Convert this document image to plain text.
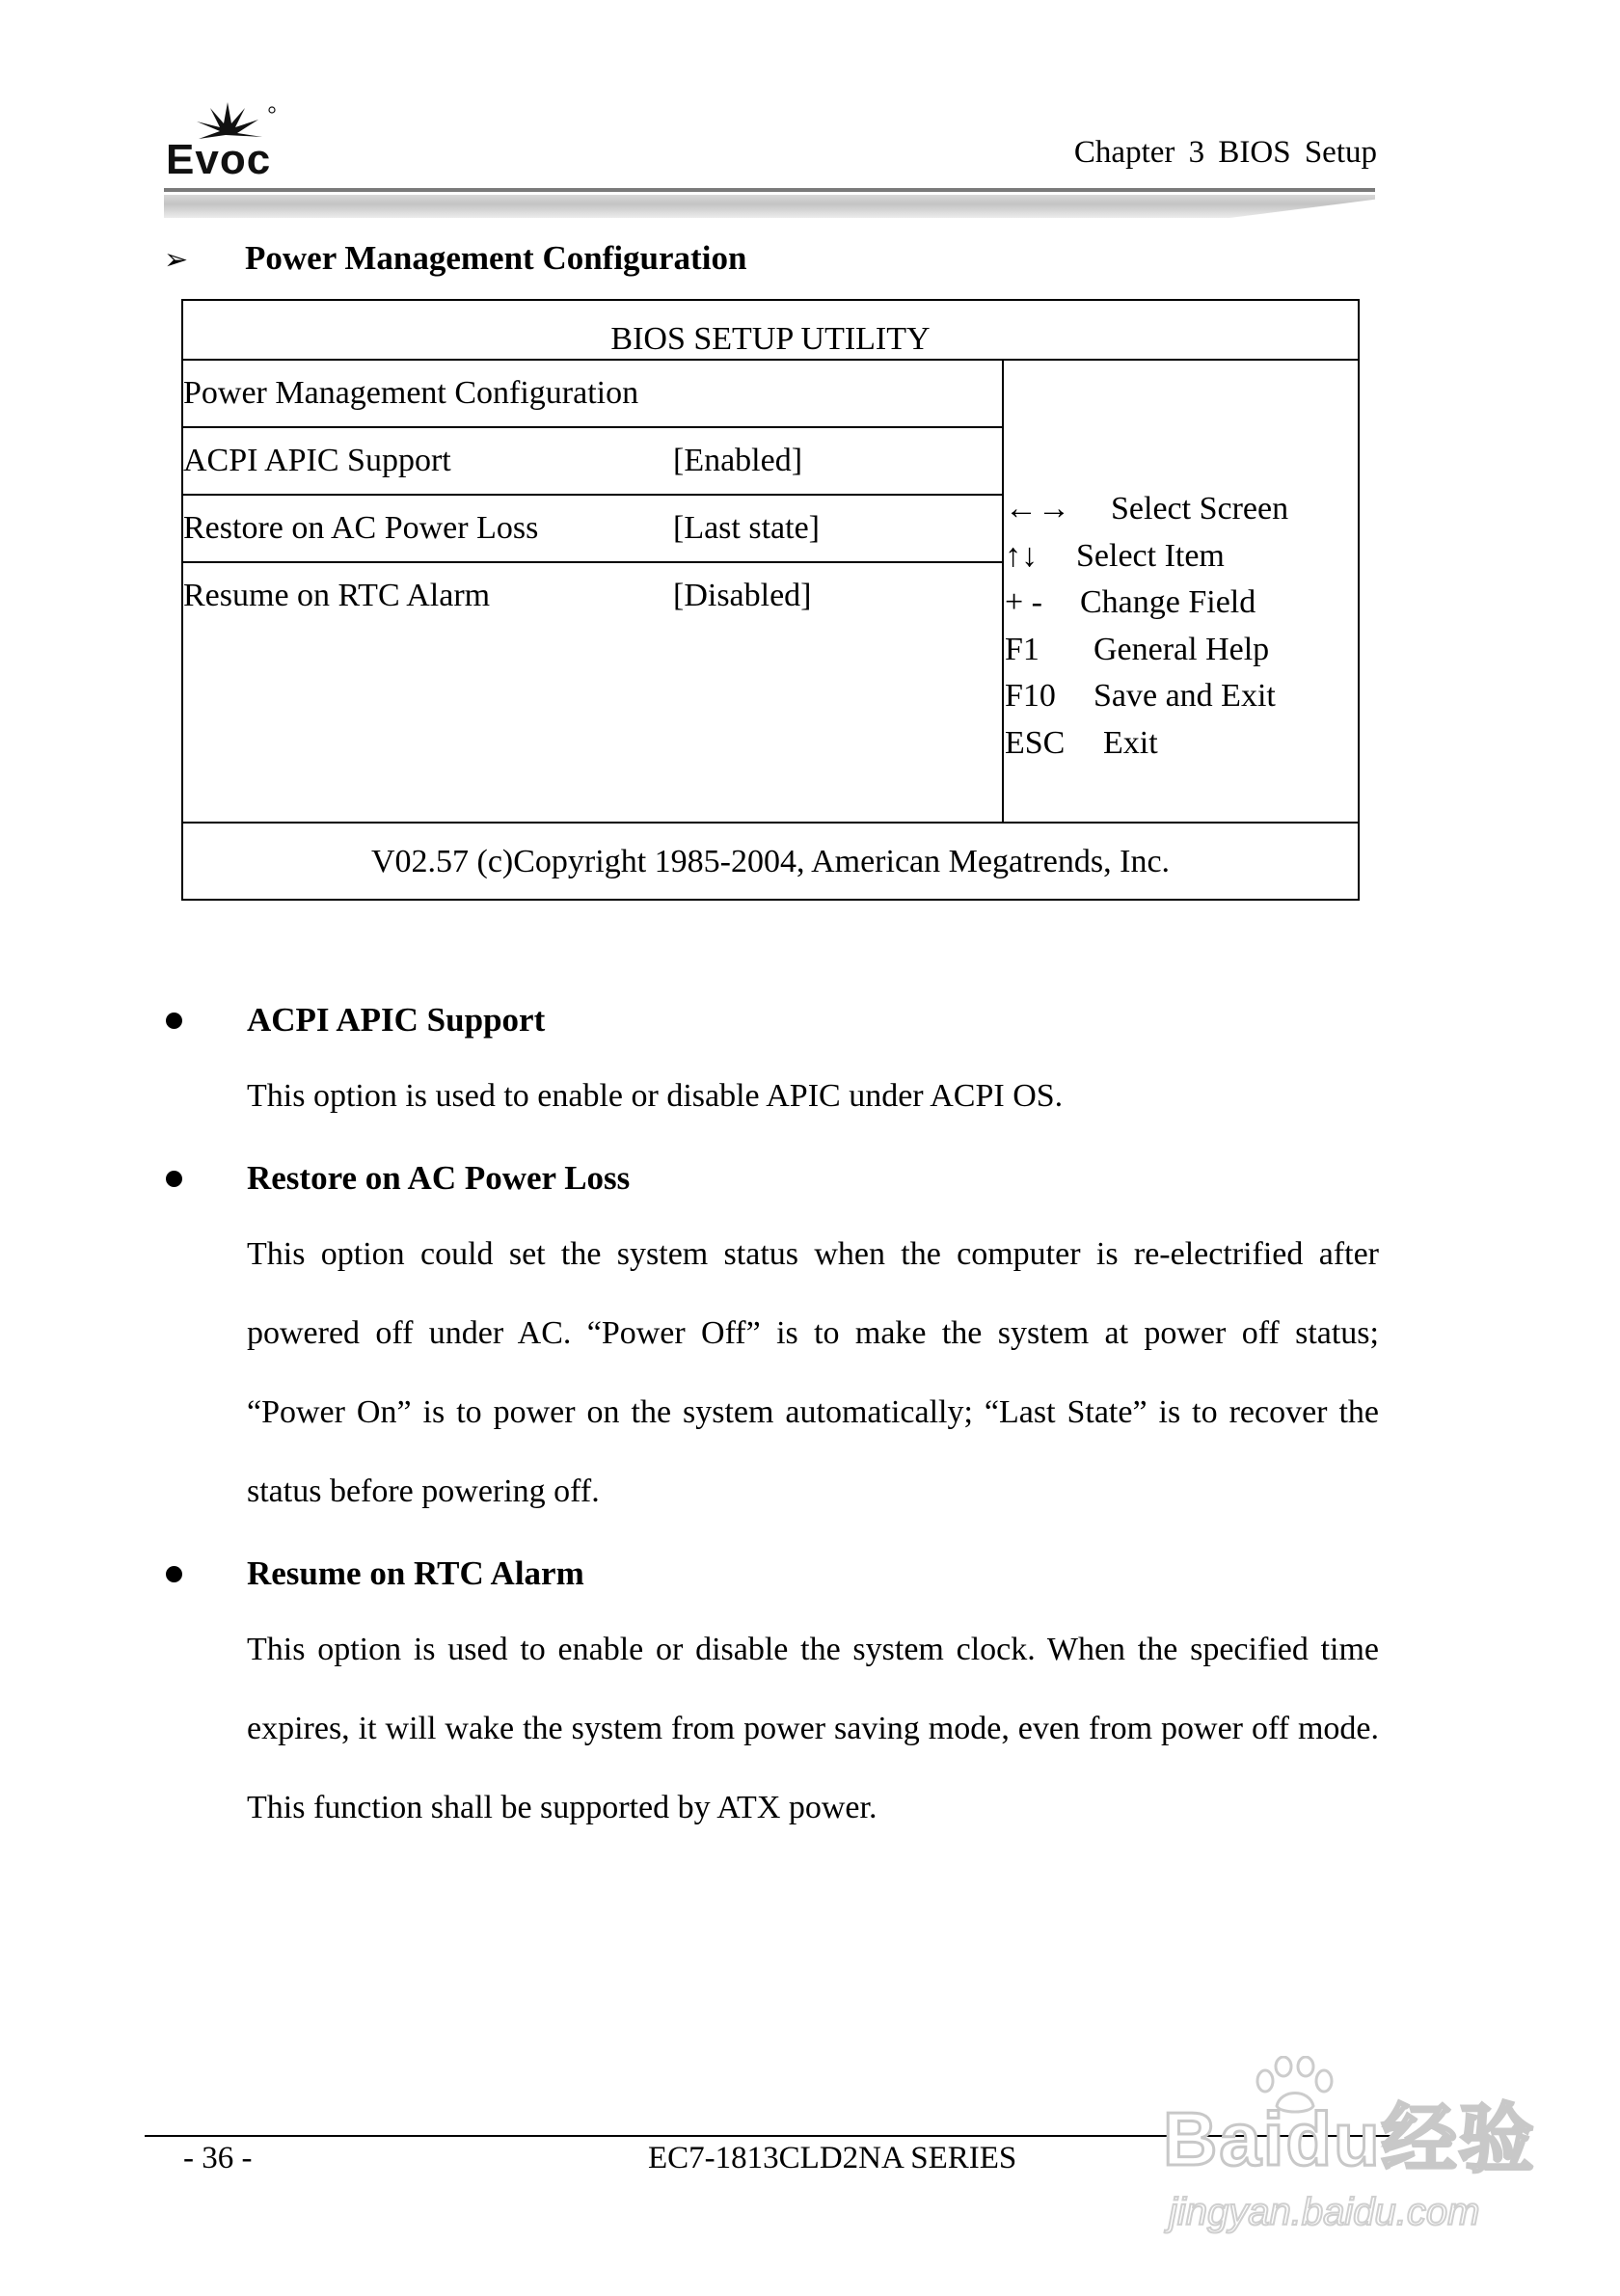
Evoc	Chapter 3 BIOS Setup
➢ Power Management Configuration
BIOS SETUP UTILITY
Power Management Configuration
ACPI APIC Support	[Enabled]
Restore on AC Power Loss	[Last state]
Resume on RTC Alarm	[Disabled]
←→ Select Screen
↑↓ Select Item
+ - Change Field
F1 General Help
F10 Save and Exit
ESC Exit
V02.57 (c)Copyright 1985-2004, American Megatrends, Inc.
ACPI APIC Support

This option is used to enable or disable APIC under ACPI OS.

Restore on AC Power Loss

This option could set the system status when the computer is re-electrified after powered off under AC. “Power Off” is to make the system at power off status; “Power On” is to power on the system automatically; “Last State” is to recover the status before powering off.

Resume on RTC Alarm

This option is used to enable or disable the system clock. When the specified time expires, it will wake the system from power saving mode, even from power off mode. This function shall be supported by ATX power.

- 36 -	EC7-1813CLD2NA SERIES Baidu经验
jingyan.baidu.com
